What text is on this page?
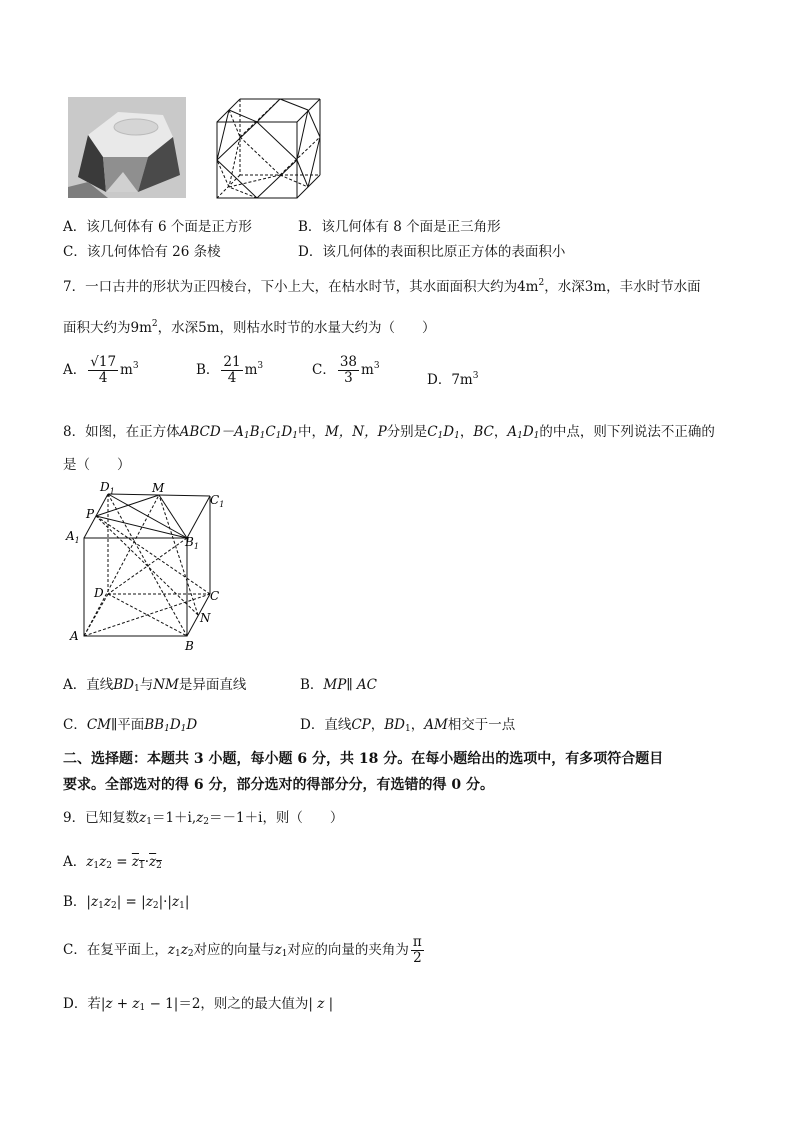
A．该几何体有 6 个面是正方形	B．该几何体有 8 个面是正三角形
C．该几何体恰有 26 条棱	D．该几何体的表面积比原正方体的表面积小
7．一口古井的形状为正四棱台，下小上大，在枯水时节，其水面面积大约为$4m^2$，水深3m，丰水时节水面
面积大约为$9m^2$，水深5m，则枯水时节的水量大约为（　　）
A． $\frac{√17}{4} m^3$	B． $\frac{21}{4} m^3$	C． $\frac{38}{3} m^3$
D．$7m^3$
8．如图，在正方体$ABCD-A_1B_1C_1D_1$中，M，N，P分别是$C_1D_1$，BC，$A_1D_1$的中点，则下列说法不正确的
是（　　）
$D_1$	M
$C_1$
P
$A_1$	$B_1$
D	C
N
A
B
A．直线$BD_1$与NM是异面直线	B．MP∥ AC
C．CM∥平面$BB_1D_1D$	D．直线CP，$BD_1$，AM相交于一点
二、选择题：本题共 3 小题，每小题 6 分，共 18 分。在每小题给出的选项中，有多项符合题目
要求。全部选对的得 6 分，部分选对的得部分分，有选错的得 0 分。
9．已知复数$z_1=1+i,z_2=-1+i$，则（　　）
A．$z_1z_2 = z_1\cdot z_2$
B．$|z_1z_2| = |z_2|\cdot|z_1|$
C．在复平面上，$z_1z_2$对应的向量与$z_1$对应的向量的夹角为 $\frac{\pi}{2}$
D．若$|z + z_1 - 1|=2$，则之的最大值为| z |
